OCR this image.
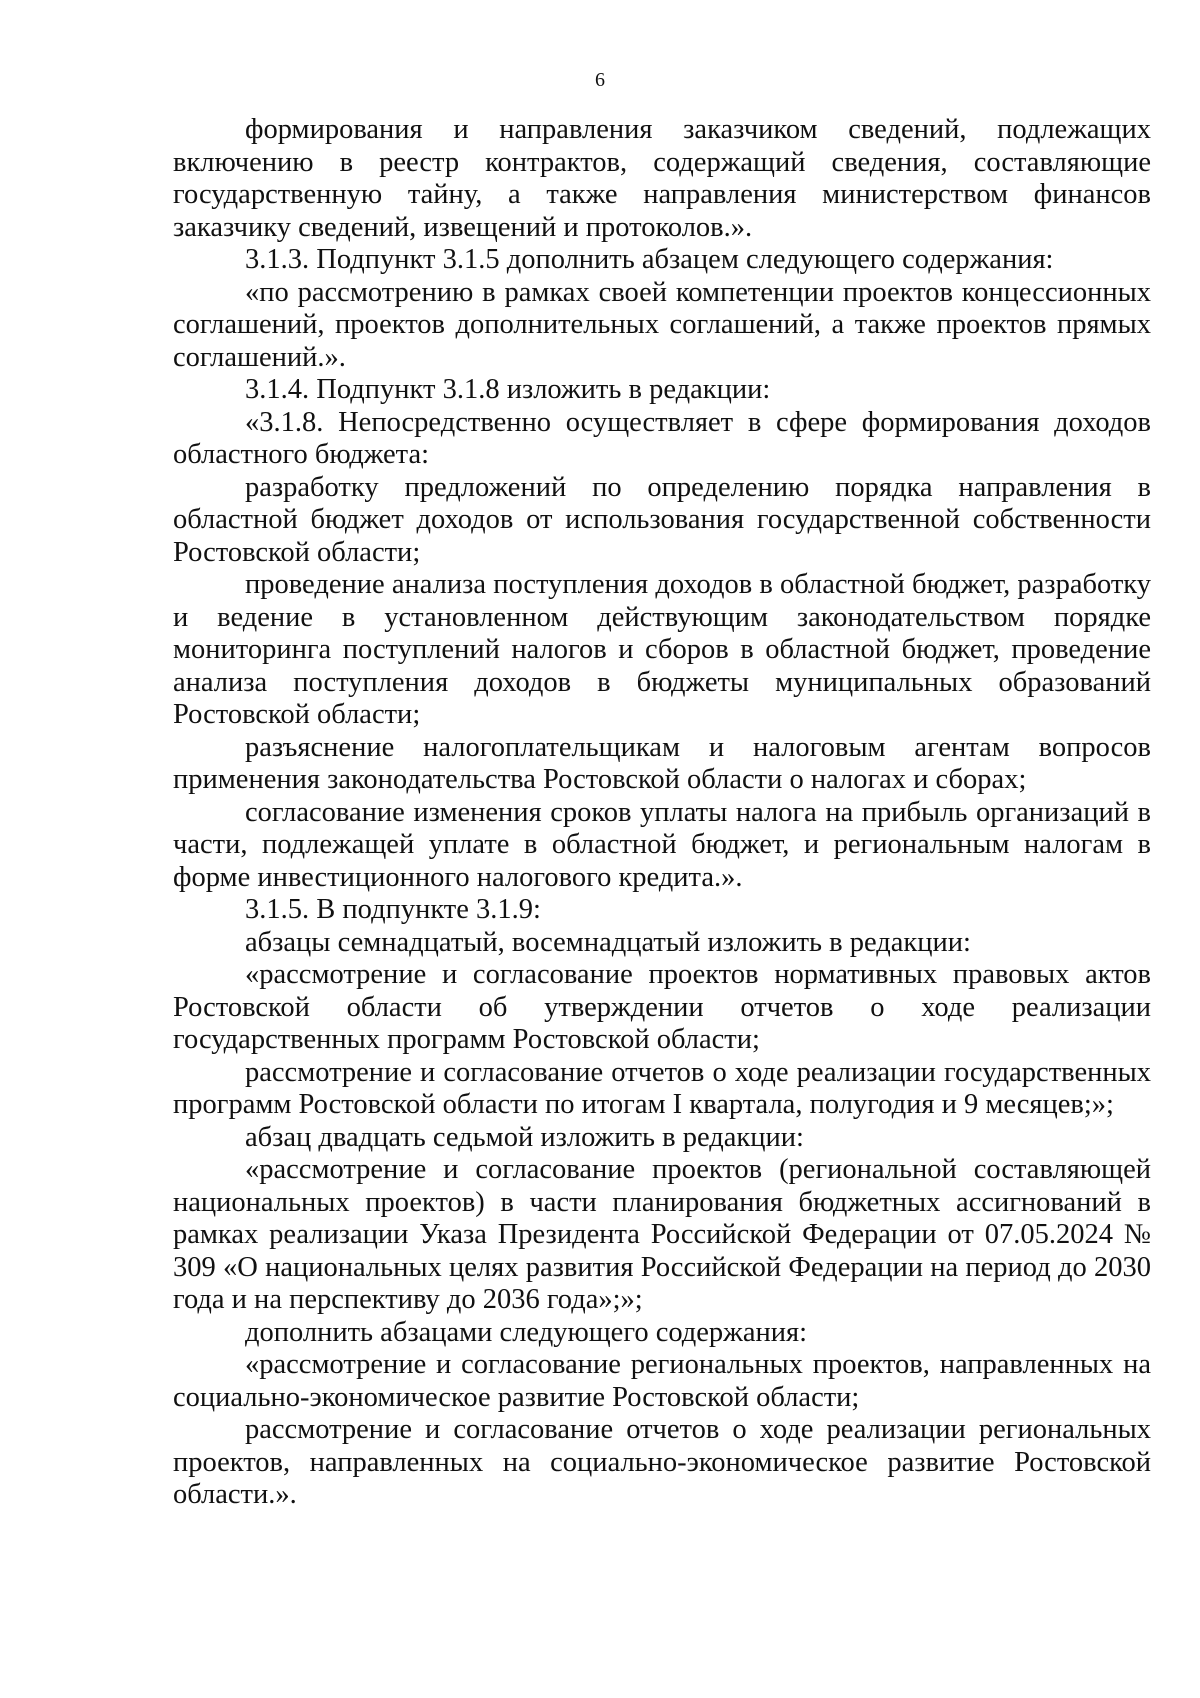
6

формирования и направления заказчиком сведений, подлежащих включению в реестр контрактов, содержащий сведения, составляющие государственную тайну, а также направления министерством финансов заказчику сведений, извещений и протоколов.».

3.1.3. Подпункт 3.1.5 дополнить абзацем следующего содержания:

«по рассмотрению в рамках своей компетенции проектов концессионных соглашений, проектов дополнительных соглашений, а также проектов прямых соглашений.».

3.1.4. Подпункт 3.1.8 изложить в редакции:

«3.1.8. Непосредственно осуществляет в сфере формирования доходов областного бюджета:

разработку предложений по определению порядка направления в областной бюджет доходов от использования государственной собственности Ростовской области;

проведение анализа поступления доходов в областной бюджет, разработку и ведение в установленном действующим законодательством порядке мониторинга поступлений налогов и сборов в областной бюджет, проведение анализа поступления доходов в бюджеты муниципальных образований Ростовской области;

разъяснение налогоплательщикам и налоговым агентам вопросов применения законодательства Ростовской области о налогах и сборах;

согласование изменения сроков уплаты налога на прибыль организаций в части, подлежащей уплате в областной бюджет, и региональным налогам в форме инвестиционного налогового кредита.».

3.1.5. В подпункте 3.1.9:

абзацы семнадцатый, восемнадцатый изложить в редакции:

«рассмотрение и согласование проектов нормативных правовых актов Ростовской области об утверждении отчетов о ходе реализации государственных программ Ростовской области;

рассмотрение и согласование отчетов о ходе реализации государственных программ Ростовской области по итогам I квартала, полугодия и 9 месяцев;»;

абзац двадцать седьмой изложить в редакции:

«рассмотрение и согласование проектов (региональной составляющей национальных проектов) в части планирования бюджетных ассигнований в рамках реализации Указа Президента Российской Федерации от 07.05.2024 № 309 «О национальных целях развития Российской Федерации на период до 2030 года и на перспективу до 2036 года»;»;

дополнить абзацами следующего содержания:

«рассмотрение и согласование региональных проектов, направленных на социально-экономическое развитие Ростовской области;

рассмотрение и согласование отчетов о ходе реализации региональных проектов, направленных на социально-экономическое развитие Ростовской области.».
